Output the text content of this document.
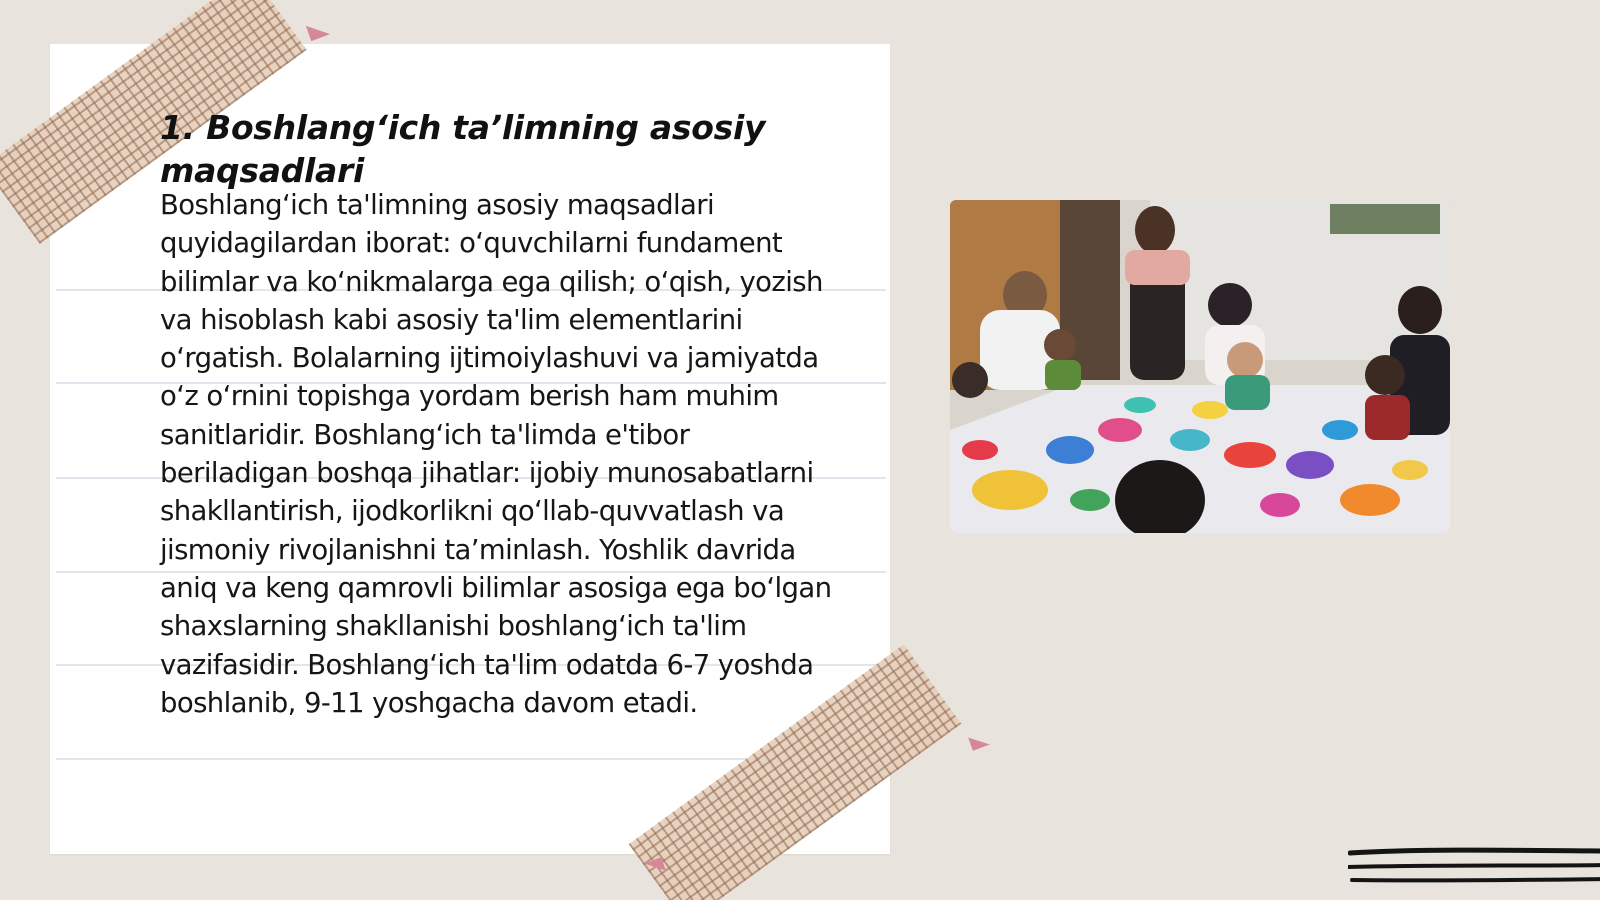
1. Boshlang‘ich ta’limning asosiy maqsadlari

Boshlang‘ich ta'limning asosiy maqsadlari quyidagilardan iborat: o‘quvchilarni fundament bilimlar va ko‘nikmalarga ega qilish; o‘qish, yozish va hisoblash kabi asosiy ta'lim elementlarini o‘rgatish. Bolalarning ijtimoiylashuvi va jamiyatda o‘z o‘rnini topishga yordam berish ham muhim sanitlaridir. Boshlang‘ich ta'limda e'tibor beriladigan boshqa jihatlar: ijobiy munosabatlarni shakllantirish, ijodkorlikni qo‘llab-quvvatlash va jismoniy rivojlanishni ta’minlash. Yoshlik davrida aniq va keng qamrovli bilimlar asosiga ega bo‘lgan shaxslarning shakllanishi boshlang‘ich ta'lim vazifasidir. Boshlang‘ich ta'lim odatda 6-7 yoshda boshlanib, 9-11 yoshgacha davom etadi.
